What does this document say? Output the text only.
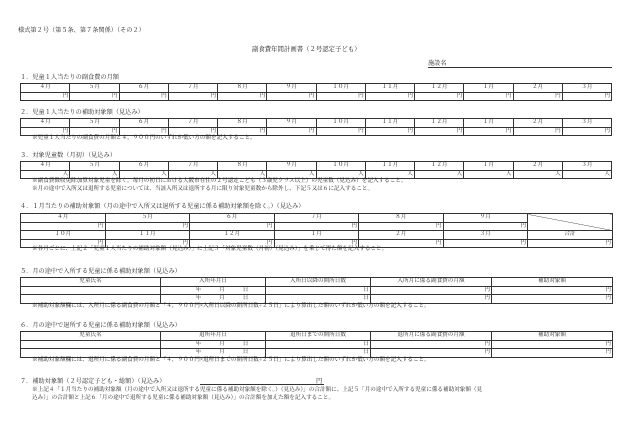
様式第２号（第５条、第７条関係）（その２）
副食費年間計画書（２号認定子ども）
施設名
１．児童１人当たりの副食費の月額
４月	５月	６月	７月	８月	９月	１０月	１１月	１２月	１月	２月	３月
円	円	円	円	円	円	円	円	円	円	円	円
２．児童１人当たりの補助対象額（見込み）
４月	５月	６月	７月	８月	９月	１０月	１１月	１２月	１月	２月	３月
円	円	円	円	円	円	円	円	円	円	円	円
※児童１人当たりの副食費の月額と４，９００円のいずれか低い方の額を記入すること。
３．対象児童数（月初）（見込み）
４月	５月	６月	７月	８月	９月	１０月	１１月	１２月	１月	２月	３月
人	人	人	人	人	人	人	人	人	人	人	人
※副食費徴収免除加算対象児童を除く。毎月の初日における大阪市在住の２号認定こども（３歳児クラス以上）の児童数（見込み）を記入すること。
※月の途中で入所又は退所する児童については、当該入所又は退所する月に限り対象児童数から除外し、下記５又は６に記入すること。
４．１月当たりの補助対象額（月の途中で入所又は退所する児童に係る補助対象額を除く。）（見込み）
４月	５月	６月	７月	８月	９月	
円	円	円	円	円	円	
１０月	１１月	１２月	１月	２月	３月	合計
円	円	円	円	円	円	円
※各月ごとに、上記２「児童１人当たりの補助対象額（見込み）」に上記３「対象児童数（月初）（見込み）」を乗じて得た額を記入すること。
５．月の途中で入所する児童に係る補助対象額（見込み）
児童氏名	入所年月日	入所日以降の開所日数	入所月に係る副食費の月額	補助対象額
	年 月 日	日	円	円
	年 月 日	日	円	円
※補助対象額欄には、入所月に係る副食費の月額と「４，９００円×入所日以降の開所日数÷２５日」により算出した額のいずれか低い方の額を記入すること。
６．月の途中で退所する児童に係る補助対象額（見込み）
児童氏名	退所年月日	退所日までの開所日数	退所月に係る副食費の月額	補助対象額
	年 月 日	日	円	円
	年 月 日	日	円	円
※補助対象額欄には、退所月に係る副食費の月額と「４，９００円×退所日までの開所日数÷２５日」により算出した額のいずれか低い方の額を記入すること。
７．補助対象額（２号認定子ども・総額）（見込み）	円
※上記４「１月当たりの補助対象額（月の途中で入所又は退所する児童に係る補助対象額を除く。）（見込み）」の合計額に、上記５「月の途中で入所する児童に係る補助対象額（見
込み）」の合計額と上記６「月の途中で退所する児童に係る補助対象額（見込み）」の合計額を加えた額を記入すること。
